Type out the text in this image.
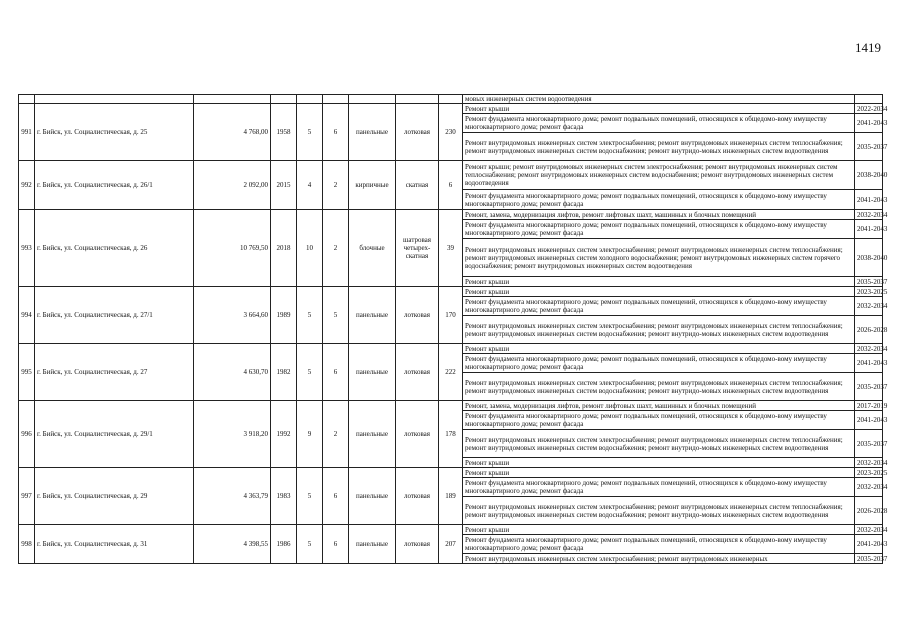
1419
									мовых инженерных систем водоотведения	
991	г. Бийск, ул. Социалистическая, д. 25	4 768,00	1958	5	6	панельные	лотковая	230	Ремонт крыши	2022-2034
									Ремонт фундамента многоквартирного дома; ремонт подвальных помещений, относящихся к общедомо-вому имуществу многоквартирного дома; ремонт фасада	2041-2043
									Ремонт внутридомовых инженерных систем электроснабжения; ремонт внутридомовых инженерных систем теплоснабжения; ремонт внутридомовых инженерных систем водоснабжения; ремонт внутридо-мовых инженерных систем водоотведения	2035-2037
992	г. Бийск, ул. Социалистическая, д. 26/1	2 092,00	2015	4	2	кирпичные	скатная	6	Ремонт крыши; ремонт внутридомовых инженерных систем электроснабжения; ремонт внутридомовых инженерных систем теплоснабжения; ремонт внутридомовых инженерных систем водоснабжения; ремонт внутридомовых инженерных систем водоотведения	2038-2040
									Ремонт фундамента многоквартирного дома; ремонт подвальных помещений, относящихся к общедомо-вому имуществу многоквартирного дома; ремонт фасада	2041-2043
993	г. Бийск, ул. Социалистическая, д. 26	10 769,50	2018	10	2	блочные	шатровая четырех-скатная	39	Ремонт, замена, модернизация лифтов, ремонт лифтовых шахт, машинных и блочных помещений	2032-2034
									Ремонт фундамента многоквартирного дома; ремонт подвальных помещений, относящихся к общедомо-вому имуществу многоквартирного дома; ремонт фасада	2041-2043
									Ремонт внутридомовых инженерных систем электроснабжения; ремонт внутридомовых инженерных систем теплоснабжения; ремонт внутридомовых инженерных систем холодного водоснабжения; ремонт внутридомовых инженерных систем горячего водоснабжения; ремонт внутридомовых инженерных систем водоотведения	2038-2040
									Ремонт крыши	2035-2037
994	г. Бийск, ул. Социалистическая, д. 27/1	3 664,60	1989	5	5	панельные	лотковая	170	Ремонт крыши	2023-2025
									Ремонт фундамента многоквартирного дома; ремонт подвальных помещений, относящихся к общедомо-вому имуществу многоквартирного дома; ремонт фасада	2032-2034
									Ремонт внутридомовых инженерных систем электроснабжения; ремонт внутридомовых инженерных систем теплоснабжения; ремонт внутридомовых инженерных систем водоснабжения; ремонт внутридо-мовых инженерных систем водоотведения	2026-2028
995	г. Бийск, ул. Социалистическая, д. 27	4 630,70	1982	5	6	панельные	лотковая	222	Ремонт крыши	2032-2034
									Ремонт фундамента многоквартирного дома; ремонт подвальных помещений, относящихся к общедомо-вому имуществу многоквартирного дома; ремонт фасада	2041-2043
									Ремонт внутридомовых инженерных систем электроснабжения; ремонт внутридомовых инженерных систем теплоснабжения; ремонт внутридомовых инженерных систем водоснабжения; ремонт внутридо-мовых инженерных систем водоотведения	2035-2037
996	г. Бийск, ул. Социалистическая, д. 29/1	3 918,20	1992	9	2	панельные	лотковая	178	Ремонт, замена, модернизация лифтов, ремонт лифтовых шахт, машинных и блочных помещений	2017-2019
									Ремонт фундамента многоквартирного дома; ремонт подвальных помещений, относящихся к общедомо-вому имуществу многоквартирного дома; ремонт фасада	2041-2043
									Ремонт внутридомовых инженерных систем электроснабжения; ремонт внутридомовых инженерных систем теплоснабжения; ремонт внутридомовых инженерных систем водоснабжения; ремонт внутридо-мовых инженерных систем водоотведения	2035-2037
									Ремонт крыши	2032-2034
997	г. Бийск, ул. Социалистическая, д. 29	4 363,79	1983	5	6	панельные	лотковая	189	Ремонт крыши	2023-2025
									Ремонт фундамента многоквартирного дома; ремонт подвальных помещений, относящихся к общедомо-вому имуществу многоквартирного дома; ремонт фасада	2032-2034
									Ремонт внутридомовых инженерных систем электроснабжения; ремонт внутридомовых инженерных систем теплоснабжения; ремонт внутридомовых инженерных систем водоснабжения; ремонт внутридо-мовых инженерных систем водоотведения	2026-2028
998	г. Бийск, ул. Социалистическая, д. 31	4 398,55	1986	5	6	панельные	лотковая	207	Ремонт крыши	2032-2034
									Ремонт фундамента многоквартирного дома; ремонт подвальных помещений, относящихся к общедомо-вому имуществу многоквартирного дома; ремонт фасада	2041-2043
									Ремонт внутридомовых инженерных систем электроснабжения; ремонт внутридомовых инженерных	2035-2037
